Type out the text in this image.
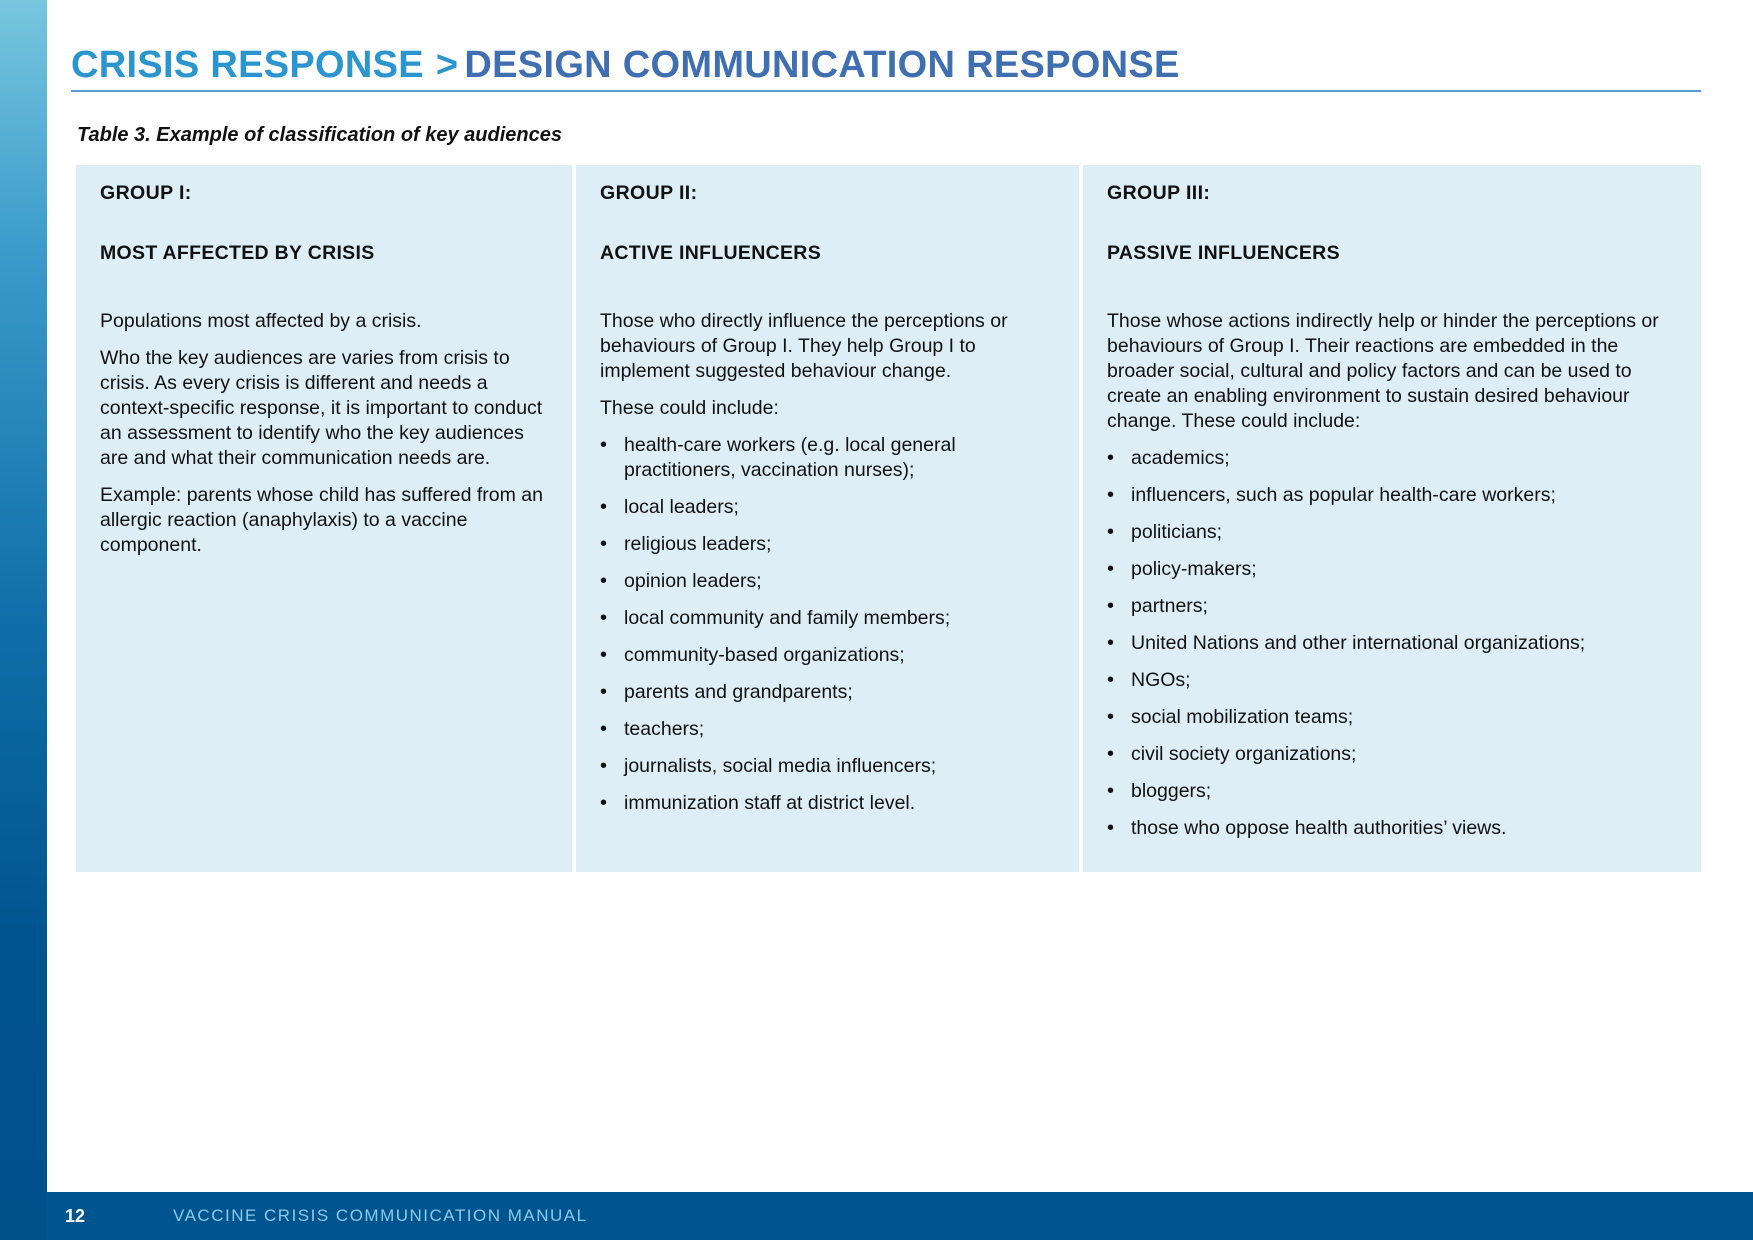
CRISIS RESPONSE > DESIGN COMMUNICATION RESPONSE

Table 3. Example of classification of key audiences

GROUP I:

MOST AFFECTED BY CRISIS

Populations most affected by a crisis.

Who the key audiences are varies from crisis to crisis. As every crisis is different and needs a context-specific response, it is important to conduct an assessment to identify who the key audiences are and what their communication needs are.

Example: parents whose child has suffered from an allergic reaction (anaphylaxis) to a vaccine component.

GROUP II:

ACTIVE INFLUENCERS

Those who directly influence the perceptions or behaviours of Group I. They help Group I to implement suggested behaviour change.

These could include:

• health-care workers (e.g. local general practitioners, vaccination nurses);
• local leaders;
• religious leaders;
• opinion leaders;
• local community and family members;
• community-based organizations;
• parents and grandparents;
• teachers;
• journalists, social media influencers;
• immunization staff at district level.

GROUP III:

PASSIVE INFLUENCERS

Those whose actions indirectly help or hinder the perceptions or behaviours of Group I. Their reactions are embedded in the broader social, cultural and policy factors and can be used to create an enabling environment to sustain desired behaviour change. These could include:

• academics;
• influencers, such as popular health-care workers;
• politicians;
• policy-makers;
• partners;
• United Nations and other international organizations;
• NGOs;
• social mobilization teams;
• civil society organizations;
• bloggers;
• those who oppose health authorities’ views.
12	VACCINE CRISIS COMMUNICATION MANUAL
